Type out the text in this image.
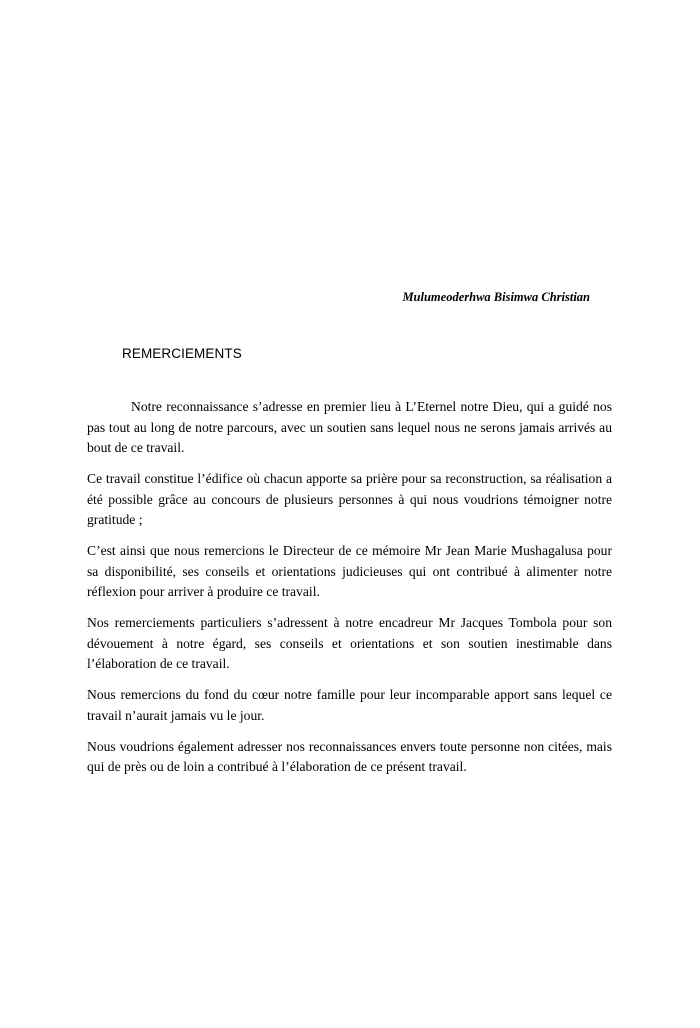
Mulumeoderhwa Bisimwa Christian
REMERCIEMENTS

Notre reconnaissance s’adresse en premier lieu à L’Eternel notre Dieu, qui a guidé nos pas tout au long de notre parcours, avec un soutien sans lequel nous ne serons jamais arrivés au bout de ce travail.

Ce travail constitue l’édifice où chacun apporte sa prière pour sa reconstruction, sa réalisation a été possible grâce au concours de plusieurs personnes à qui nous voudrions témoigner notre gratitude ;

C’est ainsi que nous remercions le Directeur de ce mémoire Mr Jean Marie Mushagalusa pour sa disponibilité, ses conseils et orientations judicieuses qui ont contribué à alimenter notre réflexion pour arriver à produire ce travail.

Nos remerciements particuliers s’adressent à notre encadreur Mr Jacques Tombola pour son dévouement à notre égard, ses conseils et orientations et son soutien inestimable dans l’élaboration de ce travail.

Nous remercions du fond du cœur notre famille pour leur incomparable apport sans lequel ce travail n’aurait jamais vu le jour.

Nous voudrions également adresser nos reconnaissances envers toute personne non citées, mais qui de près ou de loin a contribué à l’élaboration de ce présent travail.
